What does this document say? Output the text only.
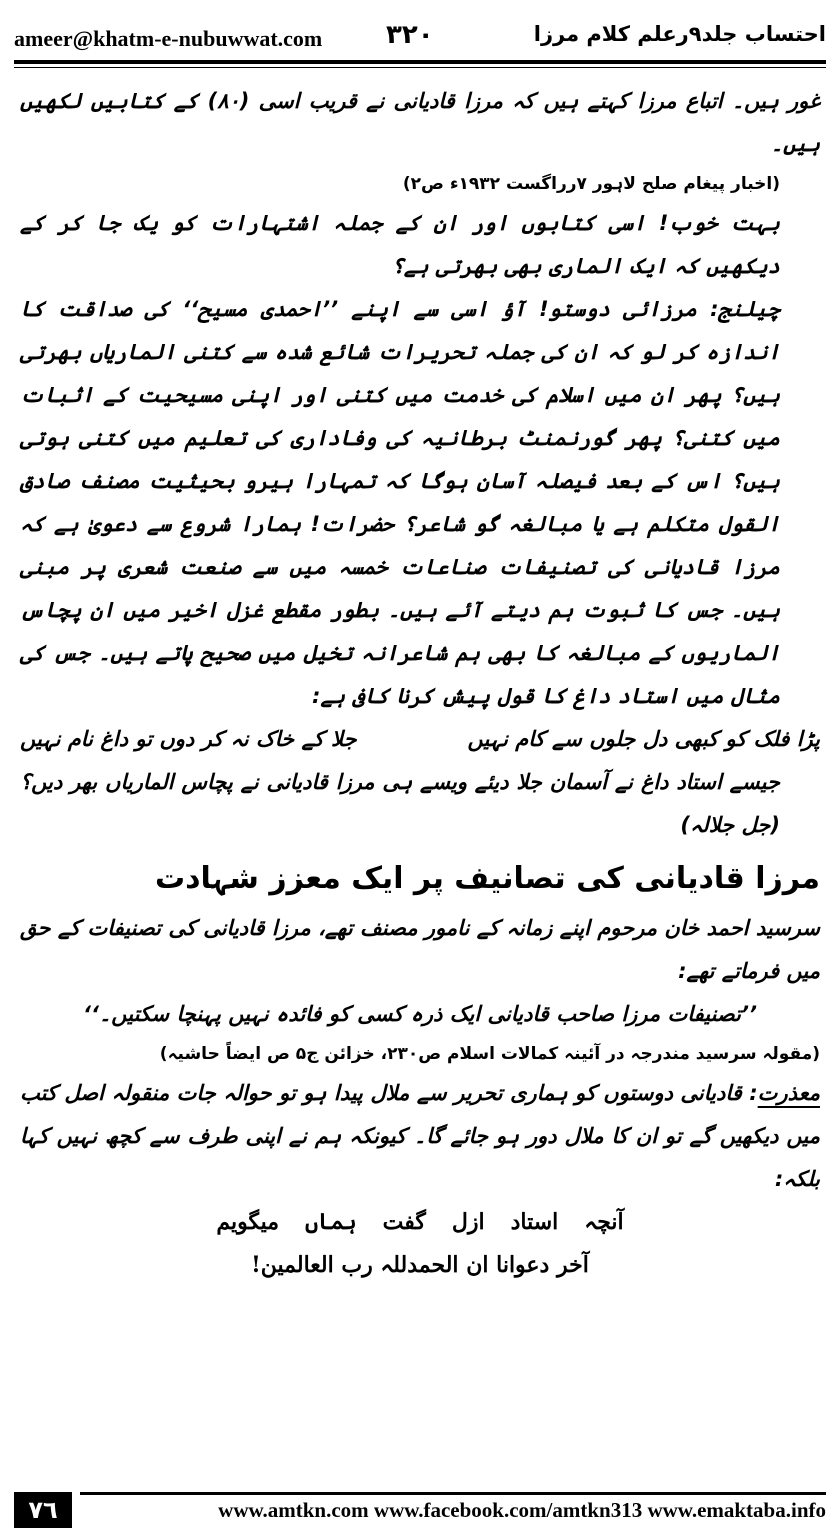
ameer@khatm-e-nubuwwat.com ۳۲۰	احتساب جلد۹رعلم کلام مرزا

غور ہیں۔ اتباع مرزا کہتے ہیں کہ مرزا قادیانی نے قریب اسی (۸۰) کے کتابیں لکھیں ہیں۔

(اخبار پیغام صلح لاہور ۷رراگست ۱۹۳۲ء ص۲)

بہت خوب! اسی کتابوں اور ان کے جملہ اشتہارات کو یک جا کر کے دیکھیں کہ ایک الماری بھی بھرتی ہے؟

چیلنج: مرزائی دوستو! آؤ اسی سے اپنے ’’احمدی مسیح‘‘ کی صداقت کا اندازہ کر لو کہ ان کی جملہ تحریرات شائع شدہ سے کتنی الماریاں بھرتی ہیں؟ پھر ان میں اسلام کی خدمت میں کتنی اور اپنی مسیحیت کے اثبات میں کتنی؟ پھر گورنمنٹ برطانیہ کی وفاداری کی تعلیم میں کتنی ہوتی ہیں؟ اس کے بعد فیصلہ آسان ہوگا کہ تمہارا ہیرو بحیثیت مصنف صادق القول متکلم ہے یا مبالغہ گو شاعر؟ حضرات! ہمارا شروع سے دعویٰ ہے کہ مرزا قادیانی کی تصنیفات صناعات خمسہ میں سے صنعت شعری پر مبنی ہیں۔ جس کا ثبوت ہم دیتے آئے ہیں۔ بطور مقطع غزل اخیر میں ان پچاس الماریوں کے مبالغہ کا بھی ہم شاعرانہ تخیل میں صحیح پاتے ہیں۔ جس کی مثال میں استاد داغ کا قول پیش کرنا کافی ہے:

پڑا فلک کو کبھی دل جلوں سے کام نہیں
جلا کے خاک نہ کر دوں تو داغ نام نہیں

جیسے استاد داغ نے آسمان جلا دیئے ویسے ہی مرزا قادیانی نے پچاس الماریاں بھر دیں؟ (جل جلالہ)

مرزا قادیانی کی تصانیف پر ایک معزز شہادت

سرسید احمد خان مرحوم اپنے زمانہ کے نامور مصنف تھے، مرزا قادیانی کی تصنیفات کے حق میں فرماتے تھے:

’’تصنیفات مرزا صاحب قادیانی ایک ذرہ کسی کو فائدہ نہیں پہنچا سکتیں۔‘‘

(مقولہ سرسید مندرجہ در آئینہ کمالات اسلام ص۲۳۰، خزائن ج۵ ص ایضاً حاشیہ)

معذرت: قادیانی دوستوں کو ہماری تحریر سے ملال پیدا ہو تو حوالہ جات منقولہ اصل کتب میں دیکھیں گے تو ان کا ملال دور ہو جائے گا۔ کیونکہ ہم نے اپنی طرف سے کچھ نہیں کہا بلکہ:

آنچہ
استاد
ازل
گفت
ہماں
میگویم

آخر دعوانا ان الحمدللہ رب العالمین!

۷٦	www.amtkn.com www.facebook.com/amtkn313 www.emaktaba.info
